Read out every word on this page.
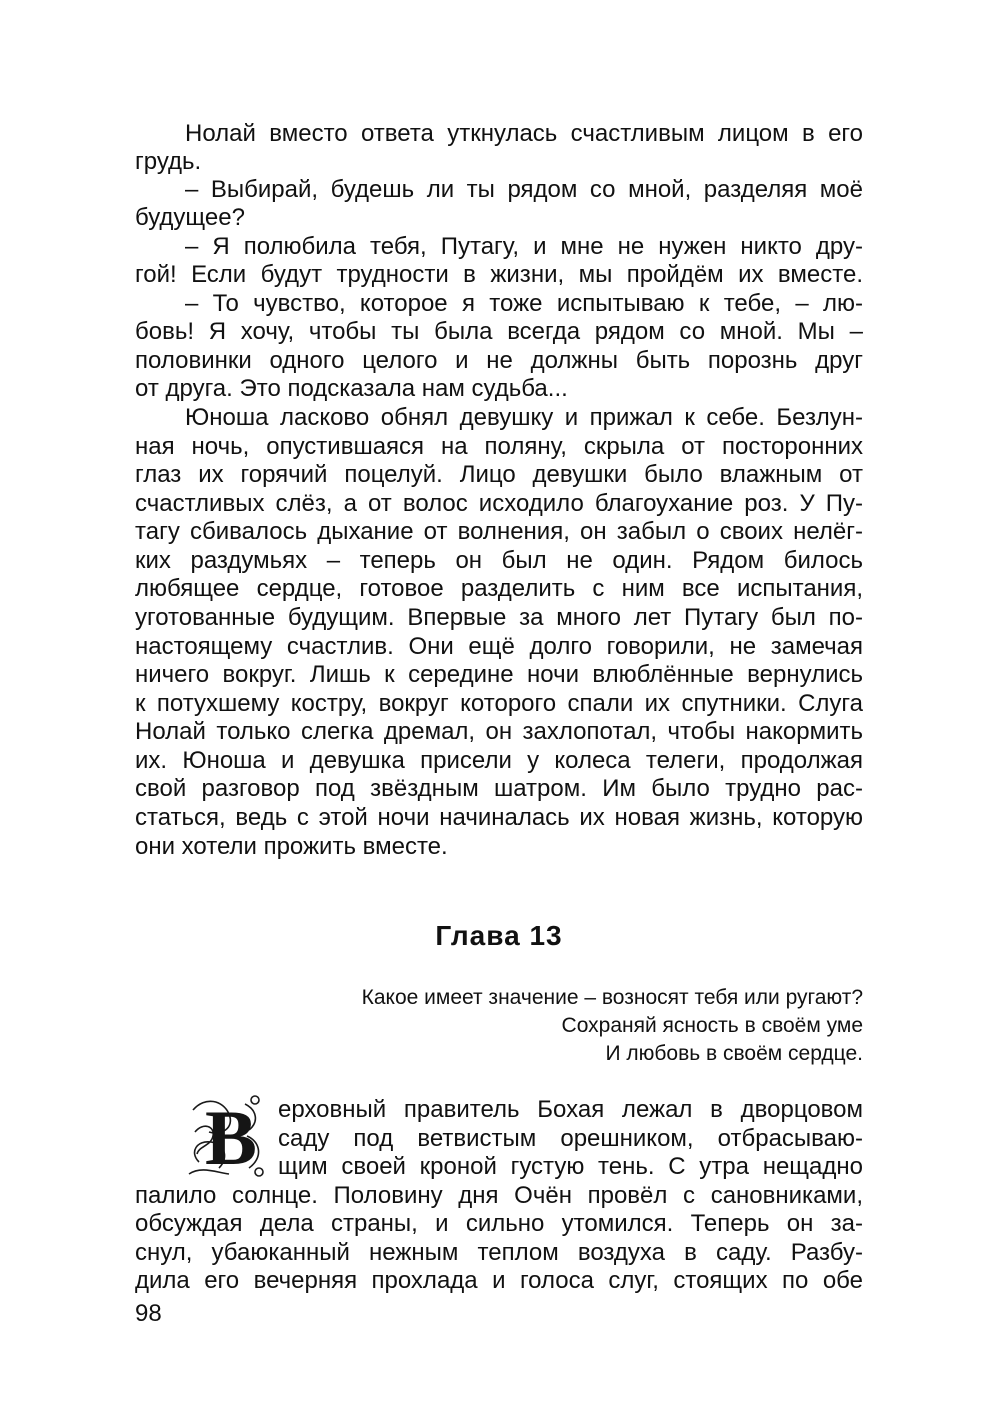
Нолай вместо ответа уткнулась счастливым лицом в его
грудь.
– Выбирай, будешь ли ты рядом со мной, разделяя моё
будущее?
– Я полюбила тебя, Путагу, и мне не нужен никто дру-
гой! Если будут трудности в жизни, мы пройдём их вместе.
– То чувство, которое я тоже испытываю к тебе, – лю-
бовь! Я хочу, чтобы ты была всегда рядом со мной. Мы –
половинки одного целого и не должны быть порознь друг
от друга. Это подсказала нам судьба...
Юноша ласково обнял девушку и прижал к себе. Безлун-
ная ночь, опустившаяся на поляну, скрыла от посторонних
глаз их горячий поцелуй. Лицо девушки было влажным от
счастливых слёз, а от волос исходило благоухание роз. У Пу-
тагу сбивалось дыхание от волнения, он забыл о своих нелёг-
ких раздумьях – теперь он был не один. Рядом билось
любящее сердце, готовое разделить с ним все испытания,
уготованные будущим. Впервые за много лет Путагу был по-
настоящему счастлив. Они ещё долго говорили, не замечая
ничего вокруг. Лишь к середине ночи влюблённые вернулись
к потухшему костру, вокруг которого спали их спутники. Слуга
Нолай только слегка дремал, он захлопотал, чтобы накормить
их. Юноша и девушка присели у колеса телеги, продолжая
свой разговор под звёздным шатром. Им было трудно рас-
статься, ведь с этой ночи начиналась их новая жизнь, которую
они хотели прожить вместе.
Глава 13
Какое имеет значение – возносят тебя или ругают?
Сохраняй ясность в своём уме
И любовь в своём сердце.
В ерховный правитель Бохая лежал в дворцовом
саду под ветвистым орешником, отбрасываю-
щим своей кроной густую тень. С утра нещадно
палило солнце. Половину дня Очён провёл с сановниками,
обсуждая дела страны, и сильно утомился. Теперь он за-
снул, убаюканный нежным теплом воздуха в саду. Разбу-
дила его вечерняя прохлада и голоса слуг, стоящих по обе
98
